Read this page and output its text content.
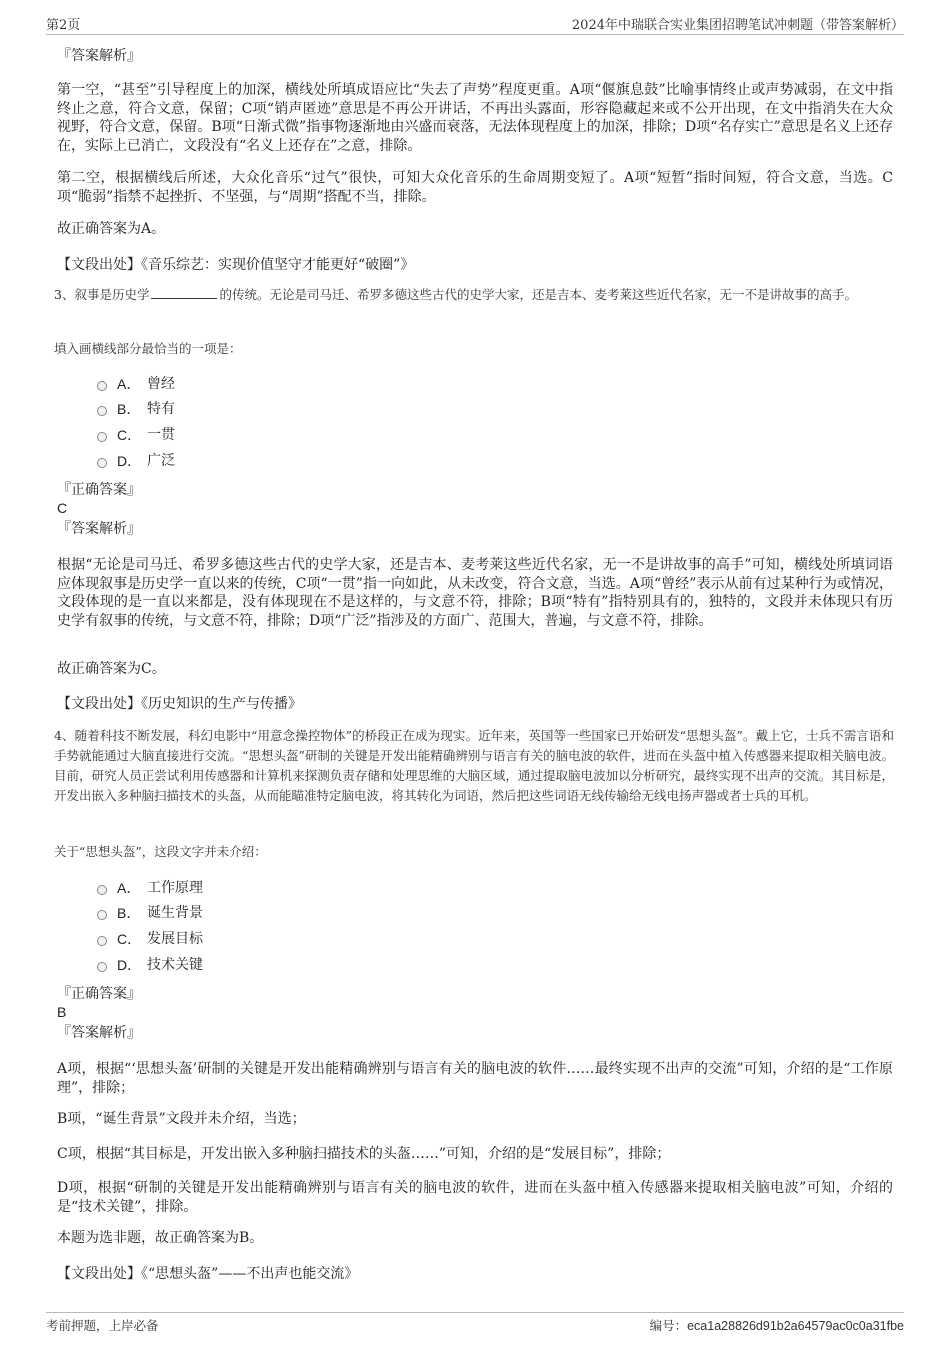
第2页	2024年中瑞联合实业集团招聘笔试冲刺题（带答案解析）
『答案解析』
第一空，“甚至”引导程度上的加深，横线处所填成语应比“失去了声势”程度更重。A项“偃旗息鼓”比喻事情终止或声势减弱，在文中指终止之意，符合文意，保留；C项“销声匿迹”意思是不再公开讲话，不再出头露面，形容隐藏起来或不公开出现，在文中指消失在大众视野，符合文意，保留。B项“日渐式微”指事物逐渐地由兴盛而衰落，无法体现程度上的加深，排除；D项“名存实亡”意思是名义上还存在，实际上已消亡，文段没有“名义上还存在”之意，排除。
第二空，根据横线后所述，大众化音乐“过气”很快，可知大众化音乐的生命周期变短了。A项“短暂”指时间短，符合文意，当选。C项“脆弱”指禁不起挫折、不坚强，与“周期”搭配不当，排除。
故正确答案为A。
【文段出处】《音乐综艺：实现价值坚守才能更好“破圈”》
3、叙事是历史学	的传统。无论是司马迁、希罗多德这些古代的史学大家，还是吉本、麦考莱这些近代名家，无一不是讲故事的高手。
填入画横线部分最恰当的一项是：
A． 曾经
B． 特有
C． 一贯
D． 广泛
『正确答案』
C
『答案解析』
根据“无论是司马迁、希罗多德这些古代的史学大家，还是吉本、麦考莱这些近代名家，无一不是讲故事的高手”可知，横线处所填词语应体现叙事是历史学一直以来的传统，C项“一贯”指一向如此，从未改变，符合文意，当选。A项“曾经”表示从前有过某种行为或情况，文段体现的是一直以来都是，没有体现现在不是这样的，与文意不符，排除；B项“特有”指特别具有的，独特的，文段并未体现只有历史学有叙事的传统，与文意不符，排除；D项“广泛”指涉及的方面广、范围大，普遍，与文意不符，排除。
故正确答案为C。
【文段出处】《历史知识的生产与传播》
4、随着科技不断发展，科幻电影中“用意念操控物体”的桥段正在成为现实。近年来，英国等一些国家已开始研发“思想头盔”。戴上它，士兵不需言语和手势就能通过大脑直接进行交流。“思想头盔”研制的关键是开发出能精确辨别与语言有关的脑电波的软件，进而在头盔中植入传感器来提取相关脑电波。目前，研究人员正尝试利用传感器和计算机来探测负责存储和处理思维的大脑区域，通过提取脑电波加以分析研究，最终实现不出声的交流。其目标是，开发出嵌入多种脑扫描技术的头盔，从而能瞄准特定脑电波，将其转化为词语，然后把这些词语无线传输给无线电扬声器或者士兵的耳机。
关于“思想头盔”，这段文字并未介绍：
A． 工作原理
B． 诞生背景
C． 发展目标
D． 技术关键
『正确答案』
B
『答案解析』
A项，根据“‘思想头盔’研制的关键是开发出能精确辨别与语言有关的脑电波的软件……最终实现不出声的交流”可知，介绍的是“工作原理”，排除；
B项，“诞生背景”文段并未介绍，当选；
C项，根据“其目标是，开发出嵌入多种脑扫描技术的头盔……”可知，介绍的是“发展目标”，排除；
D项，根据“研制的关键是开发出能精确辨别与语言有关的脑电波的软件，进而在头盔中植入传感器来提取相关脑电波”可知，介绍的是“技术关键”，排除。
本题为选非题，故正确答案为B。
【文段出处】《“思想头盔”——不出声也能交流》
考前押题，上岸必备	编号：eca1a28826d91b2a64579ac0c0a31fbe
